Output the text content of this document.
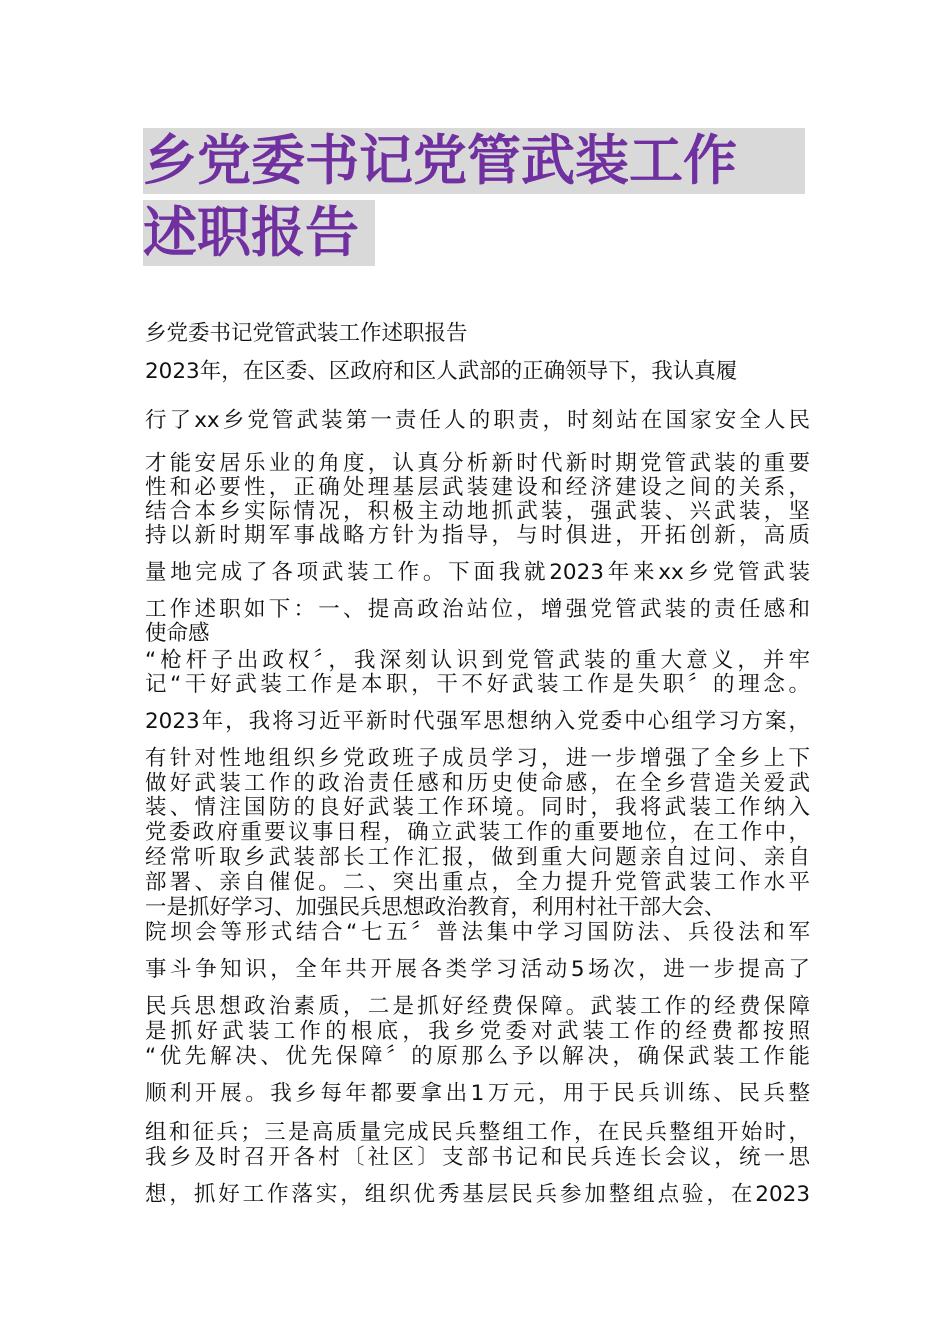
乡党委书记党管武装工作
述职报告
乡党委书记党管武装工作述职报告
2023年，在区委、区政府和区人武部的正确领导下，我认真履
行了xx乡党管武装第一责任人的职责，时刻站在国家安全人民
才能安居乐业的角度，认真分析新时代新时期党管武装的重要
性和必要性，正确处理基层武装建设和经济建设之间的关系，
结合本乡实际情况，积极主动地抓武装，强武装、兴武装，坚
持以新时期军事战略方针为指导，与时俱进，开拓创新，高质
量地完成了各项武装工作。下面我就2023年来xx乡党管武装
工作述职如下：一、提高政治站位，增强党管武装的责任感和
使命感
“枪杆子出政权〞，我深刻认识到党管武装的重大意义，并牢
记“干好武装工作是本职，干不好武装工作是失职〞的理念。
2023年，我将习近平新时代强军思想纳入党委中心组学习方案，
有针对性地组织乡党政班子成员学习，进一步增强了全乡上下
做好武装工作的政治责任感和历史使命感，在全乡营造关爱武
装、情注国防的良好武装工作环境。同时，我将武装工作纳入
党委政府重要议事日程，确立武装工作的重要地位，在工作中，
经常听取乡武装部长工作汇报，做到重大问题亲自过问、亲自
部署、亲自催促。二、突出重点，全力提升党管武装工作水平
一是抓好学习、加强民兵思想政治教育，利用村社干部大会、
院坝会等形式结合“七五〞普法集中学习国防法、兵役法和军
事斗争知识，全年共开展各类学习活动5场次，进一步提高了
民兵思想政治素质，二是抓好经费保障。武装工作的经费保障
是抓好武装工作的根底，我乡党委对武装工作的经费都按照
“优先解决、优先保障〞的原那么予以解决，确保武装工作能
顺利开展。我乡每年都要拿出1万元，用于民兵训练、民兵整
组和征兵；三是高质量完成民兵整组工作，在民兵整组开始时，
我乡及时召开各村〔社区〕支部书记和民兵连长会议，统一思
想，抓好工作落实，组织优秀基层民兵参加整组点验，在2023
